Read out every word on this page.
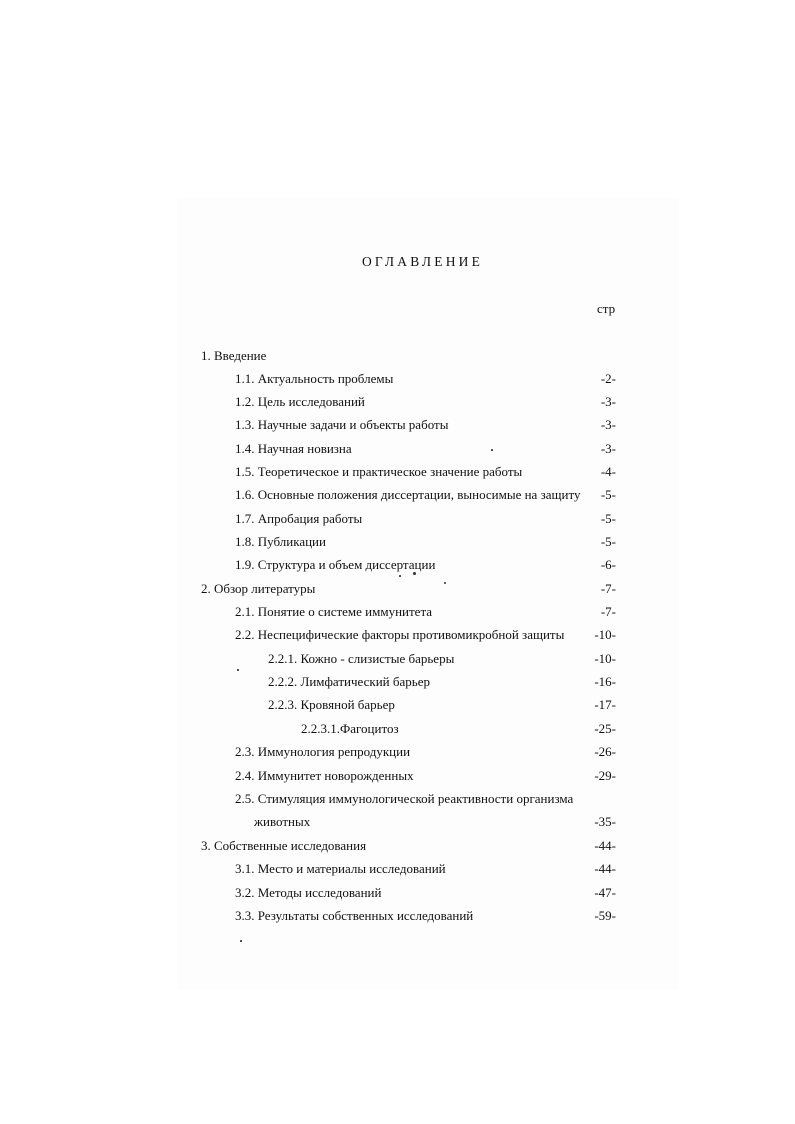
ОГЛАВЛЕНИЕ
стр
1. Введение
1.1. Актуальность проблемы	-2-
1.2. Цель исследований	-3-
1.3. Научные задачи и объекты работы	-3-
1.4. Научная новизна	-3-
1.5. Теоретическое и практическое значение работы	-4-
1.6. Основные положения диссертации, выносимые на защиту -5-
1.7. Апробация работы	-5-
1.8. Публикации	-5-
1.9. Структура и объем диссертации	-6-
2. Обзор литературы	-7-
2.1. Понятие о системе иммунитета	-7-
2.2. Неспецифические факторы противомикробной защиты -10-
2.2.1. Кожно - слизистые барьеры	-10-
2.2.2. Лимфатический барьер	-16-
2.2.3. Кровяной барьер	-17-
2.2.3.1.Фагоцитоз	-25-
2.3. Иммунология репродукции	-26-
2.4. Иммунитет новорожденных	-29-
2.5. Стимуляция иммунологической реактивности организма
животных	-35-
3. Собственные исследования	-44-
3.1. Место и материалы исследований	-44-
3.2. Методы исследований	-47-
3.3. Результаты собственных исследований	-59-
